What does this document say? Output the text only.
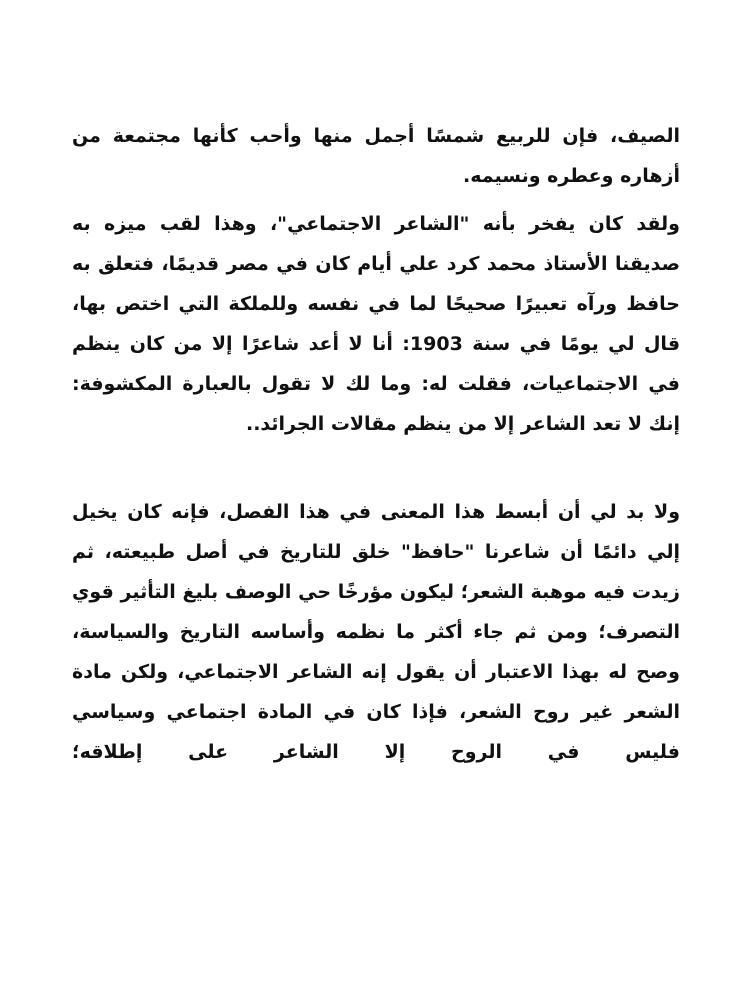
الصيف، فإن للربيع شمسًا أجمل منها وأحب كأنها مجتمعة من أزهاره وعطره ونسيمه.

ولقد كان يفخر بأنه "الشاعر الاجتماعي"، وهذا لقب ميزه به صديقنا الأستاذ محمد كرد علي أيام كان في مصر قديمًا، فتعلق به حافظ ورآه تعبيرًا صحيحًا لما في نفسه وللملكة التي اختص بها، قال لي يومًا في سنة 1903: أنا لا أعد شاعرًا إلا من كان ينظم في الاجتماعيات، فقلت له: وما لك لا تقول بالعبارة المكشوفة: إنك لا تعد الشاعر إلا من ينظم مقالات الجرائد..

ولا بد لي أن أبسط هذا المعنى في هذا الفصل، فإنه كان يخيل إلي دائمًا أن شاعرنا "حافظ" خلق للتاريخ في أصل طبيعته، ثم زيدت فيه موهبة الشعر؛ ليكون مؤرخًا حي الوصف بليغ التأثير قوي التصرف؛ ومن ثم جاء أكثر ما نظمه وأساسه التاريخ والسياسة، وصح له بهذا الاعتبار أن يقول إنه الشاعر الاجتماعي، ولكن مادة الشعر غير روح الشعر، فإذا كان في المادة اجتماعي وسياسي فليس في الروح إلا الشاعر على إطلاقه؛
